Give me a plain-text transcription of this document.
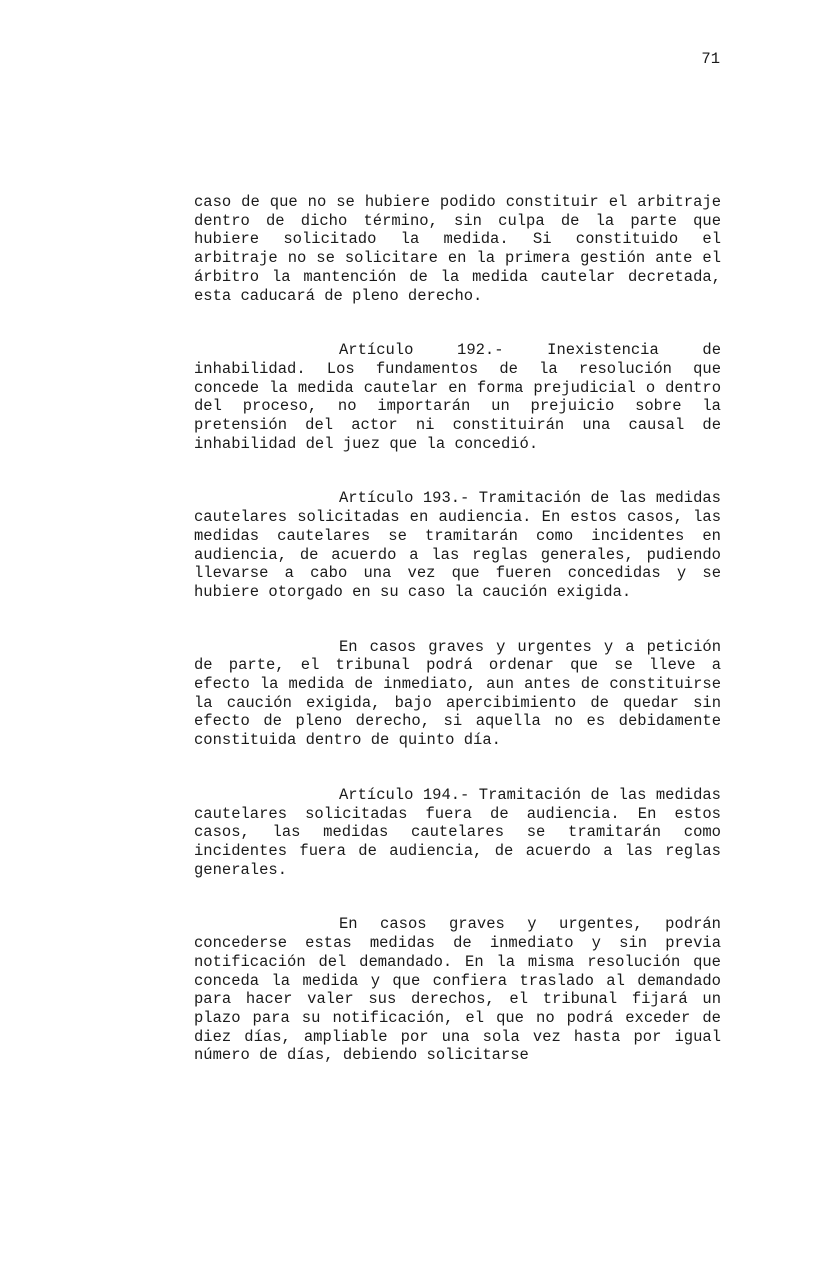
71

caso de que no se hubiere podido constituir el arbitraje dentro de dicho término, sin culpa de la parte que hubiere solicitado la medida. Si constituido el arbitraje no se solicitare en la primera gestión ante el árbitro la mantención de la medida cautelar decretada, esta caducará de pleno derecho.

Artículo 192.- Inexistencia de inhabilidad. Los fundamentos de la resolución que concede la medida cautelar en forma prejudicial o dentro del proceso, no importarán un prejuicio sobre la pretensión del actor ni constituirán una causal de inhabilidad del juez que la concedió.

Artículo 193.- Tramitación de las medidas cautelares solicitadas en audiencia. En estos casos, las medidas cautelares se tramitarán como incidentes en audiencia, de acuerdo a las reglas generales, pudiendo llevarse a cabo una vez que fueren concedidas y se hubiere otorgado en su caso la caución exigida.

En casos graves y urgentes y a petición de parte, el tribunal podrá ordenar que se lleve a efecto la medida de inmediato, aun antes de constituirse la caución exigida, bajo apercibimiento de quedar sin efecto de pleno derecho, si aquella no es debidamente constituida dentro de quinto día.

Artículo 194.- Tramitación de las medidas cautelares solicitadas fuera de audiencia. En estos casos, las medidas cautelares se tramitarán como incidentes fuera de audiencia, de acuerdo a las reglas generales.

En casos graves y urgentes, podrán concederse estas medidas de inmediato y sin previa notificación del demandado. En la misma resolución que conceda la medida y que confiera traslado al demandado para hacer valer sus derechos, el tribunal fijará un plazo para su notificación, el que no podrá exceder de diez días, ampliable por una sola vez hasta por igual número de días, debiendo solicitarse
